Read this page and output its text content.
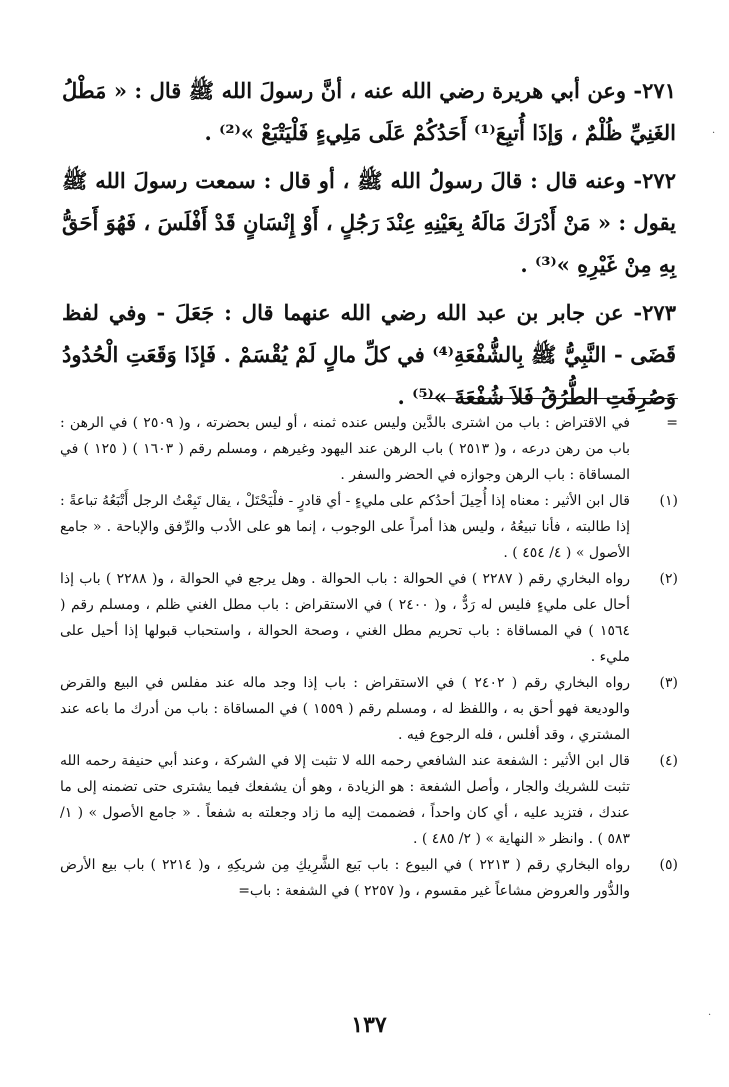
٢٧١- وعن أبي هريرة رضي الله عنه ، أنَّ رسولَ الله ﷺ قال : « مَطْلُ الغَنِيِّ ظُلْمٌ ، وَإذَا أُتبِعَ⁽¹⁾ أَحَدُكُمْ عَلَى مَلِيءٍ فَلْيَتْبَعْ »⁽²⁾ .

٢٧٢- وعنه قال : قالَ رسولُ الله ﷺ ، أو قال : سمعت رسولَ الله ﷺ يقول : « مَنْ أَدْرَكَ مَالَهُ بِعَيْنِهِ عِنْدَ رَجُلٍ ، أَوْ إِنْسَانٍ قَدْ أَفْلَسَ ، فَهُوَ أَحَقُّ بِهِ مِنْ غَيْرِهِ »⁽³⁾ .

٢٧٣- عن جابر بن عبد الله رضي الله عنهما قال : جَعَلَ - وفي لفظ قَضَى - النَّبِيُّ ﷺ بِالشُّفْعَةِ⁽⁴⁾ في كلِّ مالٍ لَمْ يُقْسَمْ . فَإذَا وَقَعَتِ الْحُدُودُ وَصُرِفَتِ الطُّرُقُ فَلاَ شُفْعَةَ »⁽⁵⁾ .

=
في الاقتراض : باب من اشترى بالدَّين وليس عنده ثمنه ، أو ليس بحضرته ، و( ٢٥٠٩ ) في الرهن : باب من رهن درعه ، و( ٢٥١٣ ) باب الرهن عند اليهود وغيرهم ، ومسلم رقم ( ١٦٠٣ ) ( ١٢٥ ) في المساقاة : باب الرهن وجوازه في الحضر والسفر .
(١)
قال ابن الأثير : معناه إذا أُحِيلَ أحدُكم على مليءٍ - أي قادرٍ - فلْيَحْتَلْ ، يقال تَبِعْتُ الرجل أَتْبَعُهُ تباعةً : إذا طالبته ، فأنا تبيعُهُ ، وليس هذا أمراً على الوجوب ، إنما هو على الأدب والرِّفق والإباحة . « جامع الأصول » ( ٤/ ٤٥٤ ) .
(٢)
رواه البخاري رقم ( ٢٢٨٧ ) في الحوالة : باب الحوالة . وهل يرجع في الحوالة ، و( ٢٢٨٨ ) باب إذا أحال على مليءٍ فليس له رَدٌّ ، و( ٢٤٠٠ ) في الاستقراض : باب مطل الغني ظلم ، ومسلم رقم ( ١٥٦٤ ) في المساقاة : باب تحريم مطل الغني ، وصحة الحوالة ، واستحباب قبولها إذا أحيل على مليء .
(٣)
رواه البخاري رقم ( ٢٤٠٢ ) في الاستقراض : باب إذا وجد ماله عند مفلس في البيع والقرض والوديعة فهو أحق به ، واللفظ له ، ومسلم رقم ( ١٥٥٩ ) في المساقاة : باب من أدرك ما باعه عند المشتري ، وقد أفلس ، فله الرجوع فيه .
(٤)
قال ابن الأثير : الشفعة عند الشافعي رحمه الله لا تثبت إلا في الشركة ، وعند أبي حنيفة رحمه الله تثبت للشريك والجار ، وأصل الشفعة : هو الزيادة ، وهو أن يشفعك فيما يشترى حتى تضمنه إلى ما عندك ، فتزيد عليه ، أي كان واحداً ، فضممت إليه ما زاد وجعلته به شفعاً . « جامع الأصول » ( ١/ ٥٨٣ ) . وانظر « النهاية » ( ٢/ ٤٨٥ ) .
(٥)
رواه البخاري رقم ( ٢٢١٣ ) في البيوع : باب بَيع الشَّرِيكِ مِن شريكِهِ ، و( ٢٢١٤ ) باب بيع الأرض والدُّور والعروض مشاعاً غير مقسوم ، و( ٢٢٥٧ ) في الشفعة : باب=
١٣٧
·
·
